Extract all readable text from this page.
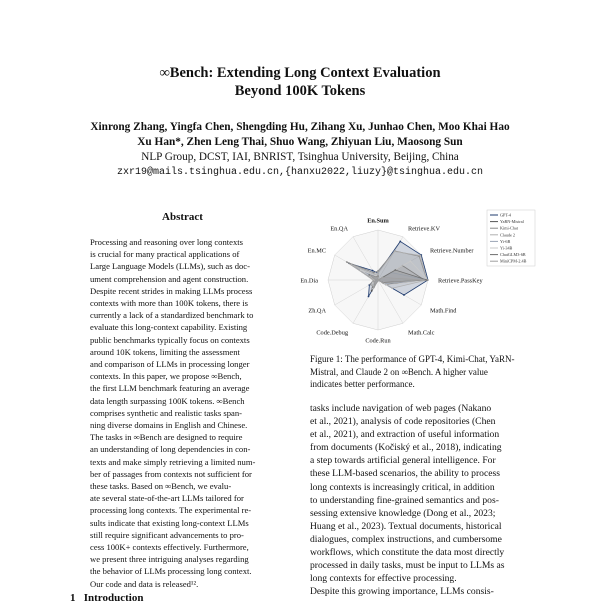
∞Bench: Extending Long Context Evaluation
Beyond 100K Tokens
Xinrong Zhang, Yingfa Chen, Shengding Hu, Zihang Xu, Junhao Chen, Moo Khai Hao
Xu Han*, Zhen Leng Thai, Shuo Wang, Zhiyuan Liu, Maosong Sun
NLP Group, DCST, IAI, BNRIST, Tsinghua University, Beijing, China
zxr19@mails.tsinghua.edu.cn,{hanxu2022,liuzy}@tsinghua.edu.cn
Abstract
Processing and reasoning over long contexts
is crucial for many practical applications of
Large Language Models (LLMs), such as doc-
ument comprehension and agent construction.
Despite recent strides in making LLMs process
contexts with more than 100K tokens, there is
currently a lack of a standardized benchmark to
evaluate this long-context capability. Existing
public benchmarks typically focus on contexts
around 10K tokens, limiting the assessment
and comparison of LLMs in processing longer
contexts. In this paper, we propose ∞Bench,
the first LLM benchmark featuring an average
data length surpassing 100K tokens. ∞Bench
comprises synthetic and realistic tasks span-
ning diverse domains in English and Chinese.
The tasks in ∞Bench are designed to require
an understanding of long dependencies in con-
texts and make simply retrieving a limited num-
ber of passages from contexts not sufficient for
these tasks. Based on ∞Bench, we evalu-
ate several state-of-the-art LLMs tailored for
processing long contexts. The experimental re-
sults indicate that existing long-context LLMs
still require significant advancements to pro-
cess 100K+ contexts effectively. Furthermore,
we present three intriguing analyses regarding
the behavior of LLMs processing long context.
Our code and data is released¹².
1 Introduction
En.Sum
Retrieve.KV
Retrieve.Number
Retrieve.PassKey
Math.Find
Math.Calc
Code.Run
Code.Debug
Zh.QA
En.Dia
En.MC
En.QA
GPT-4
YaRN-Mistral
Kimi-Chat
Claude 2
Yi-6B
Yi-34B
ChatGLM3-6B
MiniCPM-2.4B
Figure 1: The performance of GPT-4, Kimi-Chat, YaRN-
Mistral, and Claude 2 on ∞Bench. A higher value
indicates better performance.
tasks include navigation of web pages (Nakano
et al., 2021), analysis of code repositories (Chen
et al., 2021), and extraction of useful information
from documents (Kočiský et al., 2018), indicating
a step towards artificial general intelligence. For
these LLM-based scenarios, the ability to process
long contexts is increasingly critical, in addition
to understanding fine-grained semantics and pos-
sessing extensive knowledge (Dong et al., 2023;
Huang et al., 2023). Textual documents, historical
dialogues, complex instructions, and cumbersome
workflows, which constitute the data most directly
processed in daily tasks, must be input to LLMs as
long contexts for effective processing.
Despite this growing importance, LLMs consis-
